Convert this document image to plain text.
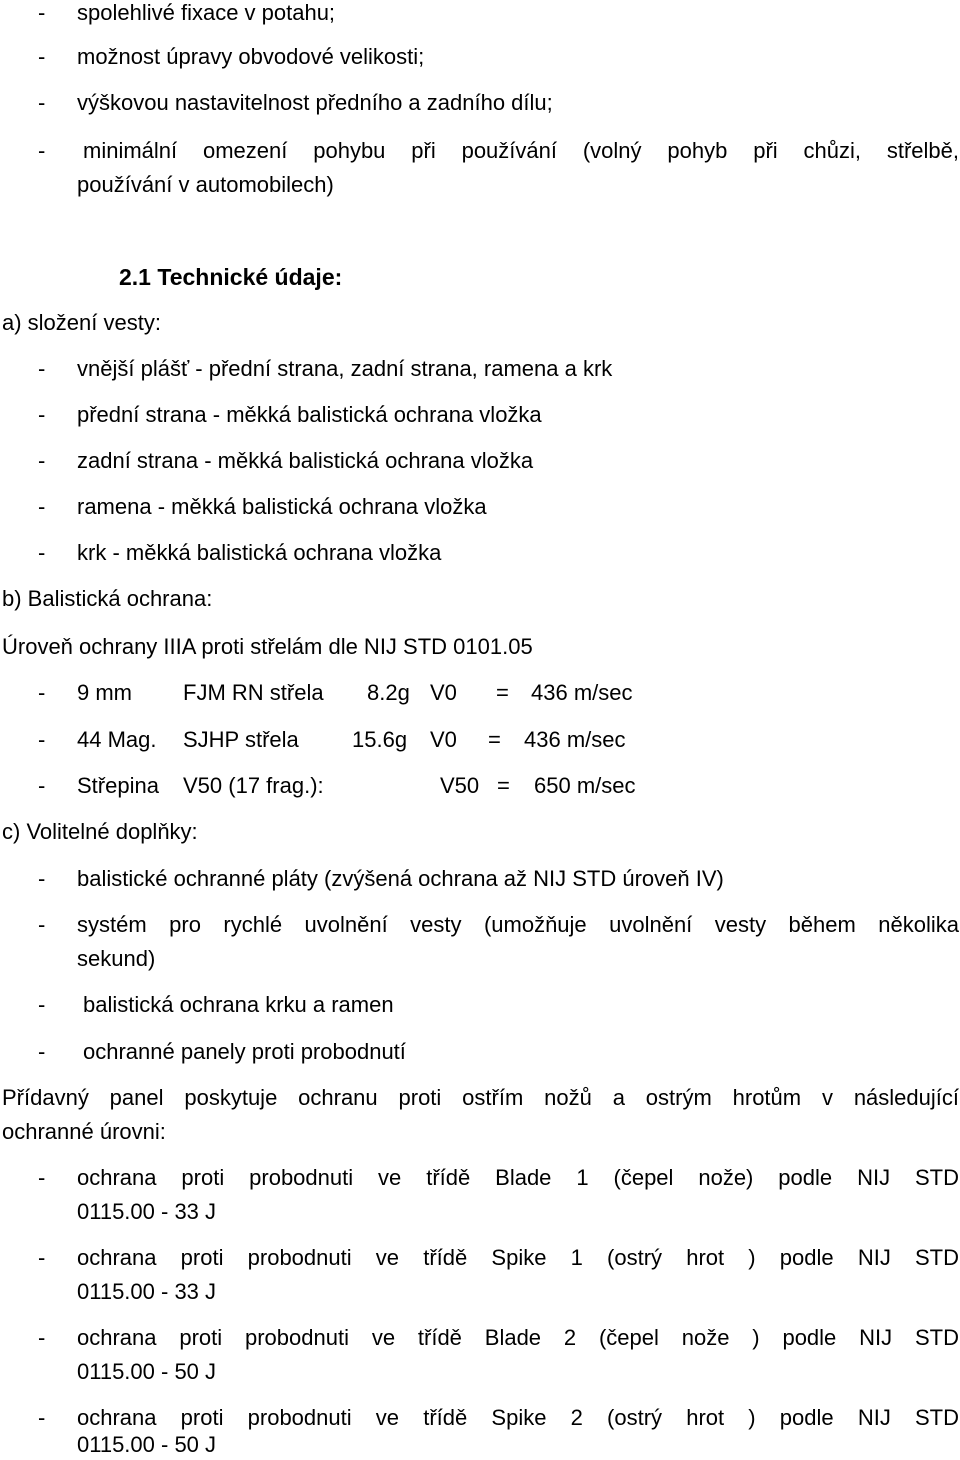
- spolehlivé fixace v potahu;
- možnost úpravy obvodové velikosti;
- výškovou nastavitelnost předního a zadního dílu;
- minimální omezení pohybu při používání (volný pohyb při chůzi, střelbě,
používání v automobilech)
2.1 Technické údaje:
a) složení vesty:
- vnější plášť - přední strana, zadní strana, ramena a krk
- přední strana - měkká balistická ochrana vložka
- zadní strana - měkká balistická ochrana vložka
- ramena - měkká balistická ochrana vložka
- krk - měkká balistická ochrana vložka
b) Balistická ochrana:
Úroveň ochrany IIIA proti střelám dle NIJ STD 0101.05
- 9 mm FJM RN střela 8.2g V0 = 436 m/sec
- 44 Mag. SJHP střela 15.6g V0 = 436 m/sec
- Střepina V50 (17 frag.):	V50 = 650 m/sec
c) Volitelné doplňky:
- balistické ochranné pláty (zvýšená ochrana až NIJ STD úroveň IV)
- systém pro rychlé uvolnění vesty (umožňuje uvolnění vesty během několika
sekund)
- balistická ochrana krku a ramen
- ochranné panely proti probodnutí
Přídavný panel poskytuje ochranu proti ostřím nožů a ostrým hrotům v následující
ochranné úrovni:
- ochrana proti probodnuti ve třídě Blade 1 (čepel nože) podle NIJ STD
0115.00 - 33 J
- ochrana proti probodnuti ve třídě Spike 1 (ostrý hrot ) podle NIJ STD
0115.00 - 33 J
- ochrana proti probodnuti ve třídě Blade 2 (čepel nože ) podle NIJ STD
0115.00 - 50 J
- ochrana proti probodnuti ve třídě Spike 2 (ostrý hrot ) podle NIJ STD
0115.00 - 50 J
